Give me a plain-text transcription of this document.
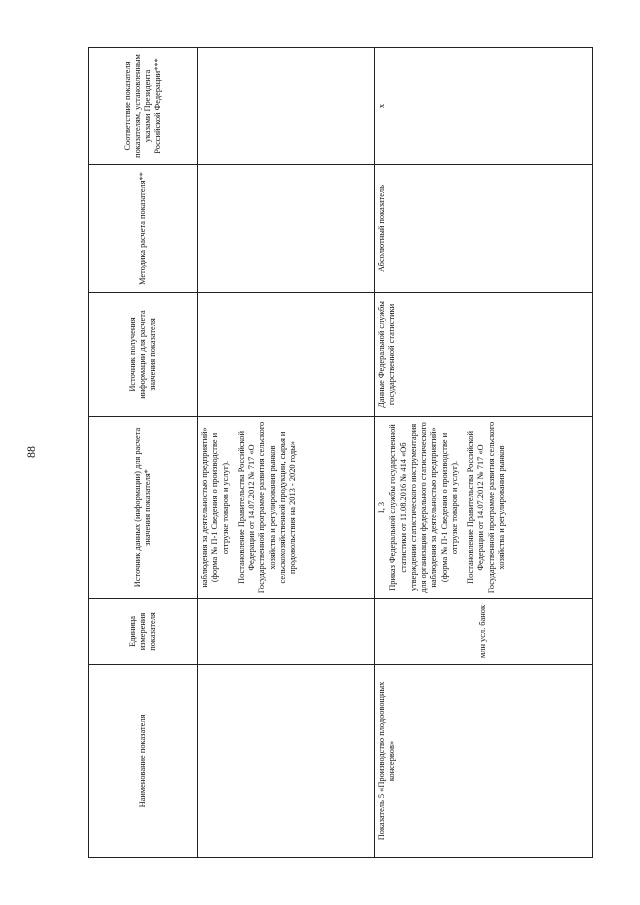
88
Наименование показателя	Единица измерения показателя	Источник данных (информации) для расчета значения показателя*	Источник получения информации для расчета значения показателя	Методика расчета показателя**	Соответствие показателя показателям, установленным указами Президента Российской Федерации***

		наблюдения за деятельностью предприятий» (форма № П-1 Сведения о производстве и отгрузке товаров и услуг). Постановление Правительства Российской Федерации от 14.07.2012 № 717 «О Государственной программе развития сельского хозяйства и регулирования рынков сельскохозяйственной продукции, сырья и продовольствия на 2013 - 2020 годы»			

Показатель 5 «Производство плодоовощных консервов»	млн усл. банок	I, 3 Приказ Федеральной службы государственной статистики от 11.08.2016 № 414 «Об утверждении статистического инструментария для организации федерального статистического наблюдения за деятельностью предприятий» (форма № П-1 Сведения о производстве и отгрузке товаров и услуг). Постановление Правительства Российской Федерации от 14.07.2012 № 717 «О Государственной программе развития сельского хозяйства и регулирования рынков	Данные Федеральной службы государственной статистики	Абсолютный показатель	х
